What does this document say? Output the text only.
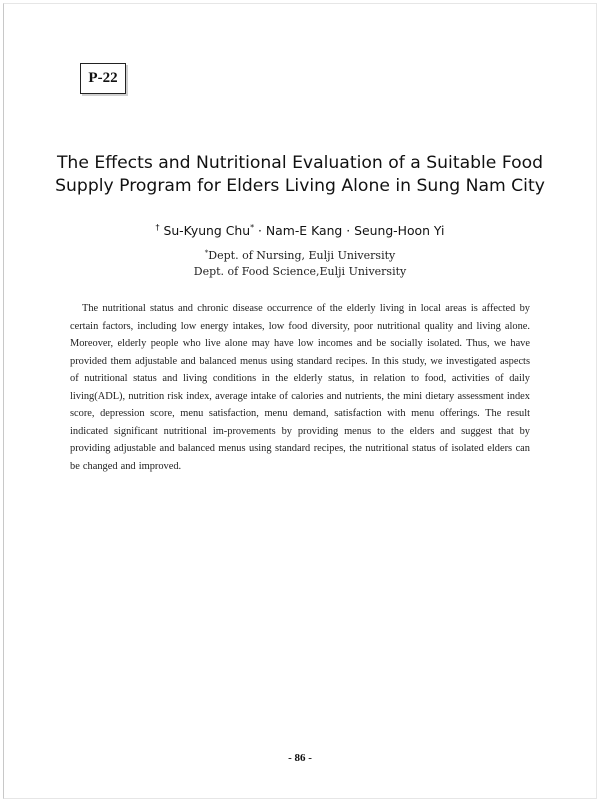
P-22
The Effects and Nutritional Evaluation of a Suitable Food
Supply Program for Elders Living Alone in Sung Nam City
† Su-Kyung Chu* · Nam-E Kang · Seung-Hoon Yi
*Dept. of Nursing, Eulji University
Dept. of Food Science,Eulji University

The nutritional status and chronic disease occurrence of the elderly living in local areas is affected by certain factors, including low energy intakes, low food diversity, poor nutritional quality and living alone. Moreover, elderly people who live alone may have low incomes and be socially isolated. Thus, we have provided them adjustable and balanced menus using standard recipes. In this study, we investigated aspects of nutritional status and living conditions in the elderly status, in relation to food, activities of daily living(ADL), nutrition risk index, average intake of calories and nutrients, the mini dietary assessment index score, depression score, menu satisfaction, menu demand, satisfaction with menu offerings. The result indicated significant nutritional im-provements by providing menus to the elders and suggest that by providing adjustable and balanced menus using standard recipes, the nutritional status of isolated elders can be changed and improved.

- 86 -
